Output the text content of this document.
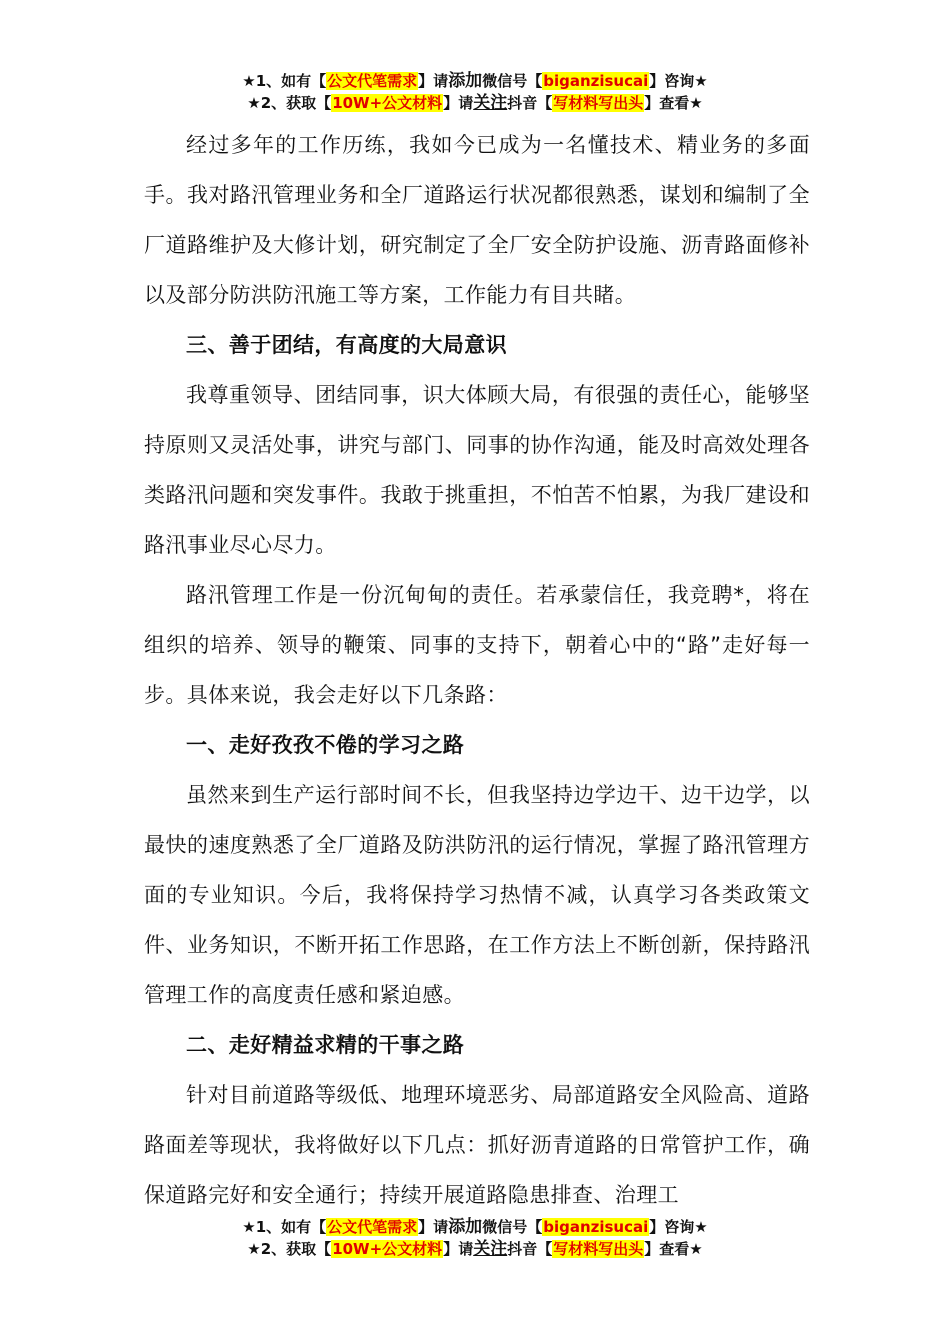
★1、如有【公文代笔需求】请添加微信号【biganzisucai】咨询★
★2、获取【10W+公文材料】请关注抖音【写材料写出头】查看★

经过多年的工作历练，我如今已成为一名懂技术、精业务的多面手。我对路汛管理业务和全厂道路运行状况都很熟悉，谋划和编制了全厂道路维护及大修计划，研究制定了全厂安全防护设施、沥青路面修补以及部分防洪防汛施工等方案，工作能力有目共睹。

三、善于团结，有高度的大局意识

我尊重领导、团结同事，识大体顾大局，有很强的责任心，能够坚持原则又灵活处事，讲究与部门、同事的协作沟通，能及时高效处理各类路汛问题和突发事件。我敢于挑重担，不怕苦不怕累，为我厂建设和路汛事业尽心尽力。

路汛管理工作是一份沉甸甸的责任。若承蒙信任，我竞聘*，将在组织的培养、领导的鞭策、同事的支持下，朝着心中的“路”走好每一步。具体来说，我会走好以下几条路：

一、走好孜孜不倦的学习之路

虽然来到生产运行部时间不长，但我坚持边学边干、边干边学，以最快的速度熟悉了全厂道路及防洪防汛的运行情况，掌握了路汛管理方面的专业知识。今后，我将保持学习热情不减，认真学习各类政策文件、业务知识，不断开拓工作思路，在工作方法上不断创新，保持路汛管理工作的高度责任感和紧迫感。

二、走好精益求精的干事之路

针对目前道路等级低、地理环境恶劣、局部道路安全风险高、道路路面差等现状，我将做好以下几点：抓好沥青道路的日常管护工作，确保道路完好和安全通行；持续开展道路隐患排查、治理工

★1、如有【公文代笔需求】请添加微信号【biganzisucai】咨询★
★2、获取【10W+公文材料】请关注抖音【写材料写出头】查看★
